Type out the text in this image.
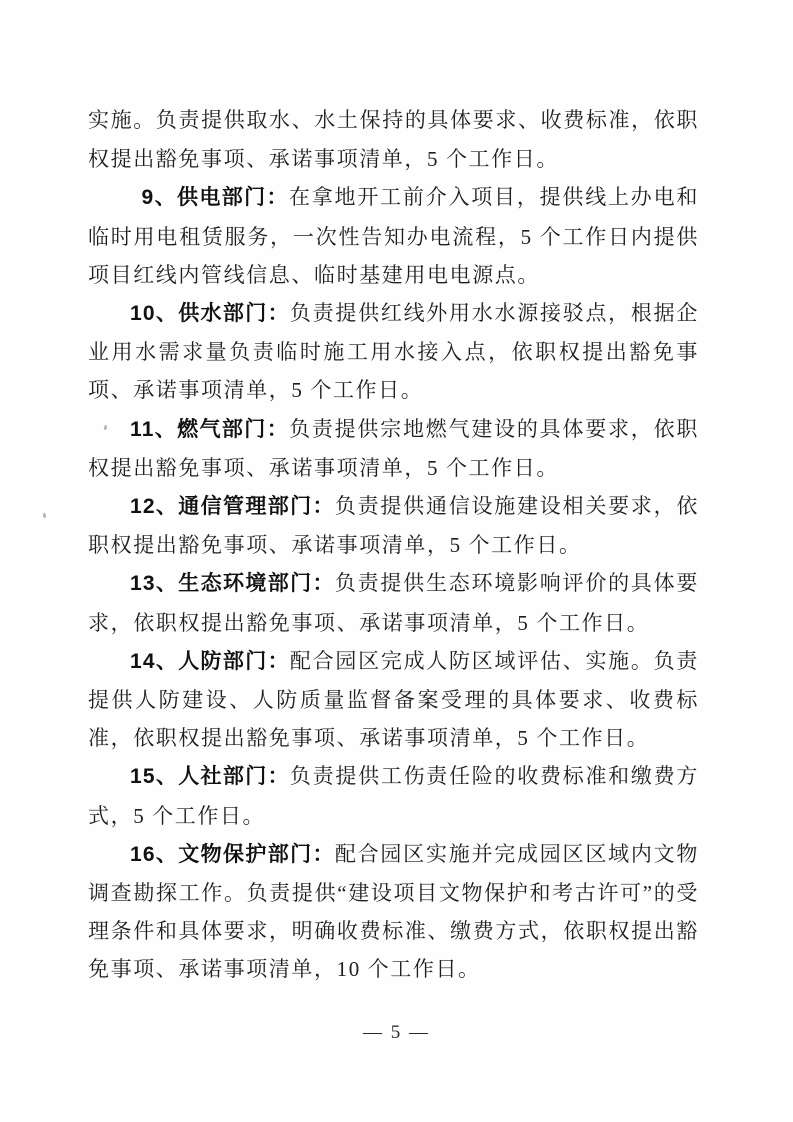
实施。负责提供取水、水土保持的具体要求、收费标准，依职权提出豁免事项、承诺事项清单，5 个工作日。

9、供电部门：在拿地开工前介入项目，提供线上办电和临时用电租赁服务，一次性告知办电流程，5 个工作日内提供项目红线内管线信息、临时基建用电电源点。

10、供水部门：负责提供红线外用水水源接驳点，根据企业用水需求量负责临时施工用水接入点，依职权提出豁免事项、承诺事项清单，5 个工作日。

11、燃气部门：负责提供宗地燃气建设的具体要求，依职权提出豁免事项、承诺事项清单，5 个工作日。

12、通信管理部门：负责提供通信设施建设相关要求，依职权提出豁免事项、承诺事项清单，5 个工作日。

13、生态环境部门：负责提供生态环境影响评价的具体要求，依职权提出豁免事项、承诺事项清单，5 个工作日。

14、人防部门：配合园区完成人防区域评估、实施。负责提供人防建设、人防质量监督备案受理的具体要求、收费标准，依职权提出豁免事项、承诺事项清单，5 个工作日。

15、人社部门：负责提供工伤责任险的收费标准和缴费方式，5 个工作日。

16、文物保护部门：配合园区实施并完成园区区域内文物调查勘探工作。负责提供“建设项目文物保护和考古许可”的受理条件和具体要求，明确收费标准、缴费方式，依职权提出豁免事项、承诺事项清单，10 个工作日。

— 5 —
